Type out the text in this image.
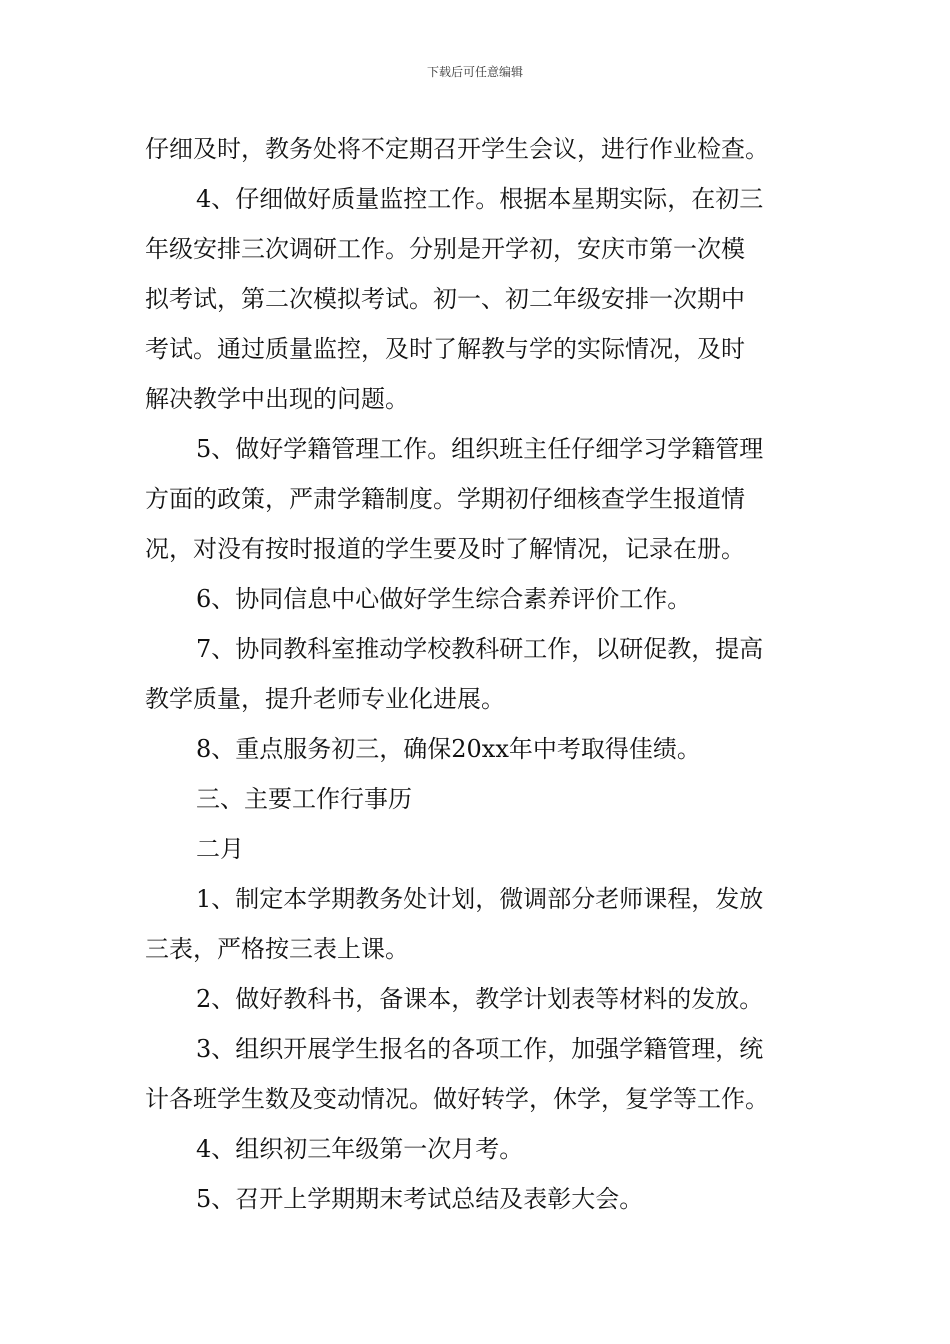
下载后可任意编辑
仔细及时，教务处将不定期召开学生会议，进行作业检查。
4、仔细做好质量监控工作。根据本星期实际，在初三
年级安排三次调研工作。分别是开学初，安庆市第一次模
拟考试，第二次模拟考试。初一、初二年级安排一次期中
考试。通过质量监控，及时了解教与学的实际情况，及时
解决教学中出现的问题。
5、做好学籍管理工作。组织班主任仔细学习学籍管理
方面的政策，严肃学籍制度。学期初仔细核查学生报道情
况，对没有按时报道的学生要及时了解情况，记录在册。
6、协同信息中心做好学生综合素养评价工作。
7、协同教科室推动学校教科研工作，以研促教，提高
教学质量，提升老师专业化进展。
8、重点服务初三，确保20xx年中考取得佳绩。
三、主要工作行事历
二月
1、制定本学期教务处计划，微调部分老师课程，发放
三表，严格按三表上课。
2、做好教科书，备课本，教学计划表等材料的发放。
3、组织开展学生报名的各项工作，加强学籍管理，统
计各班学生数及变动情况。做好转学，休学，复学等工作。
4、组织初三年级第一次月考。
5、召开上学期期末考试总结及表彰大会。
